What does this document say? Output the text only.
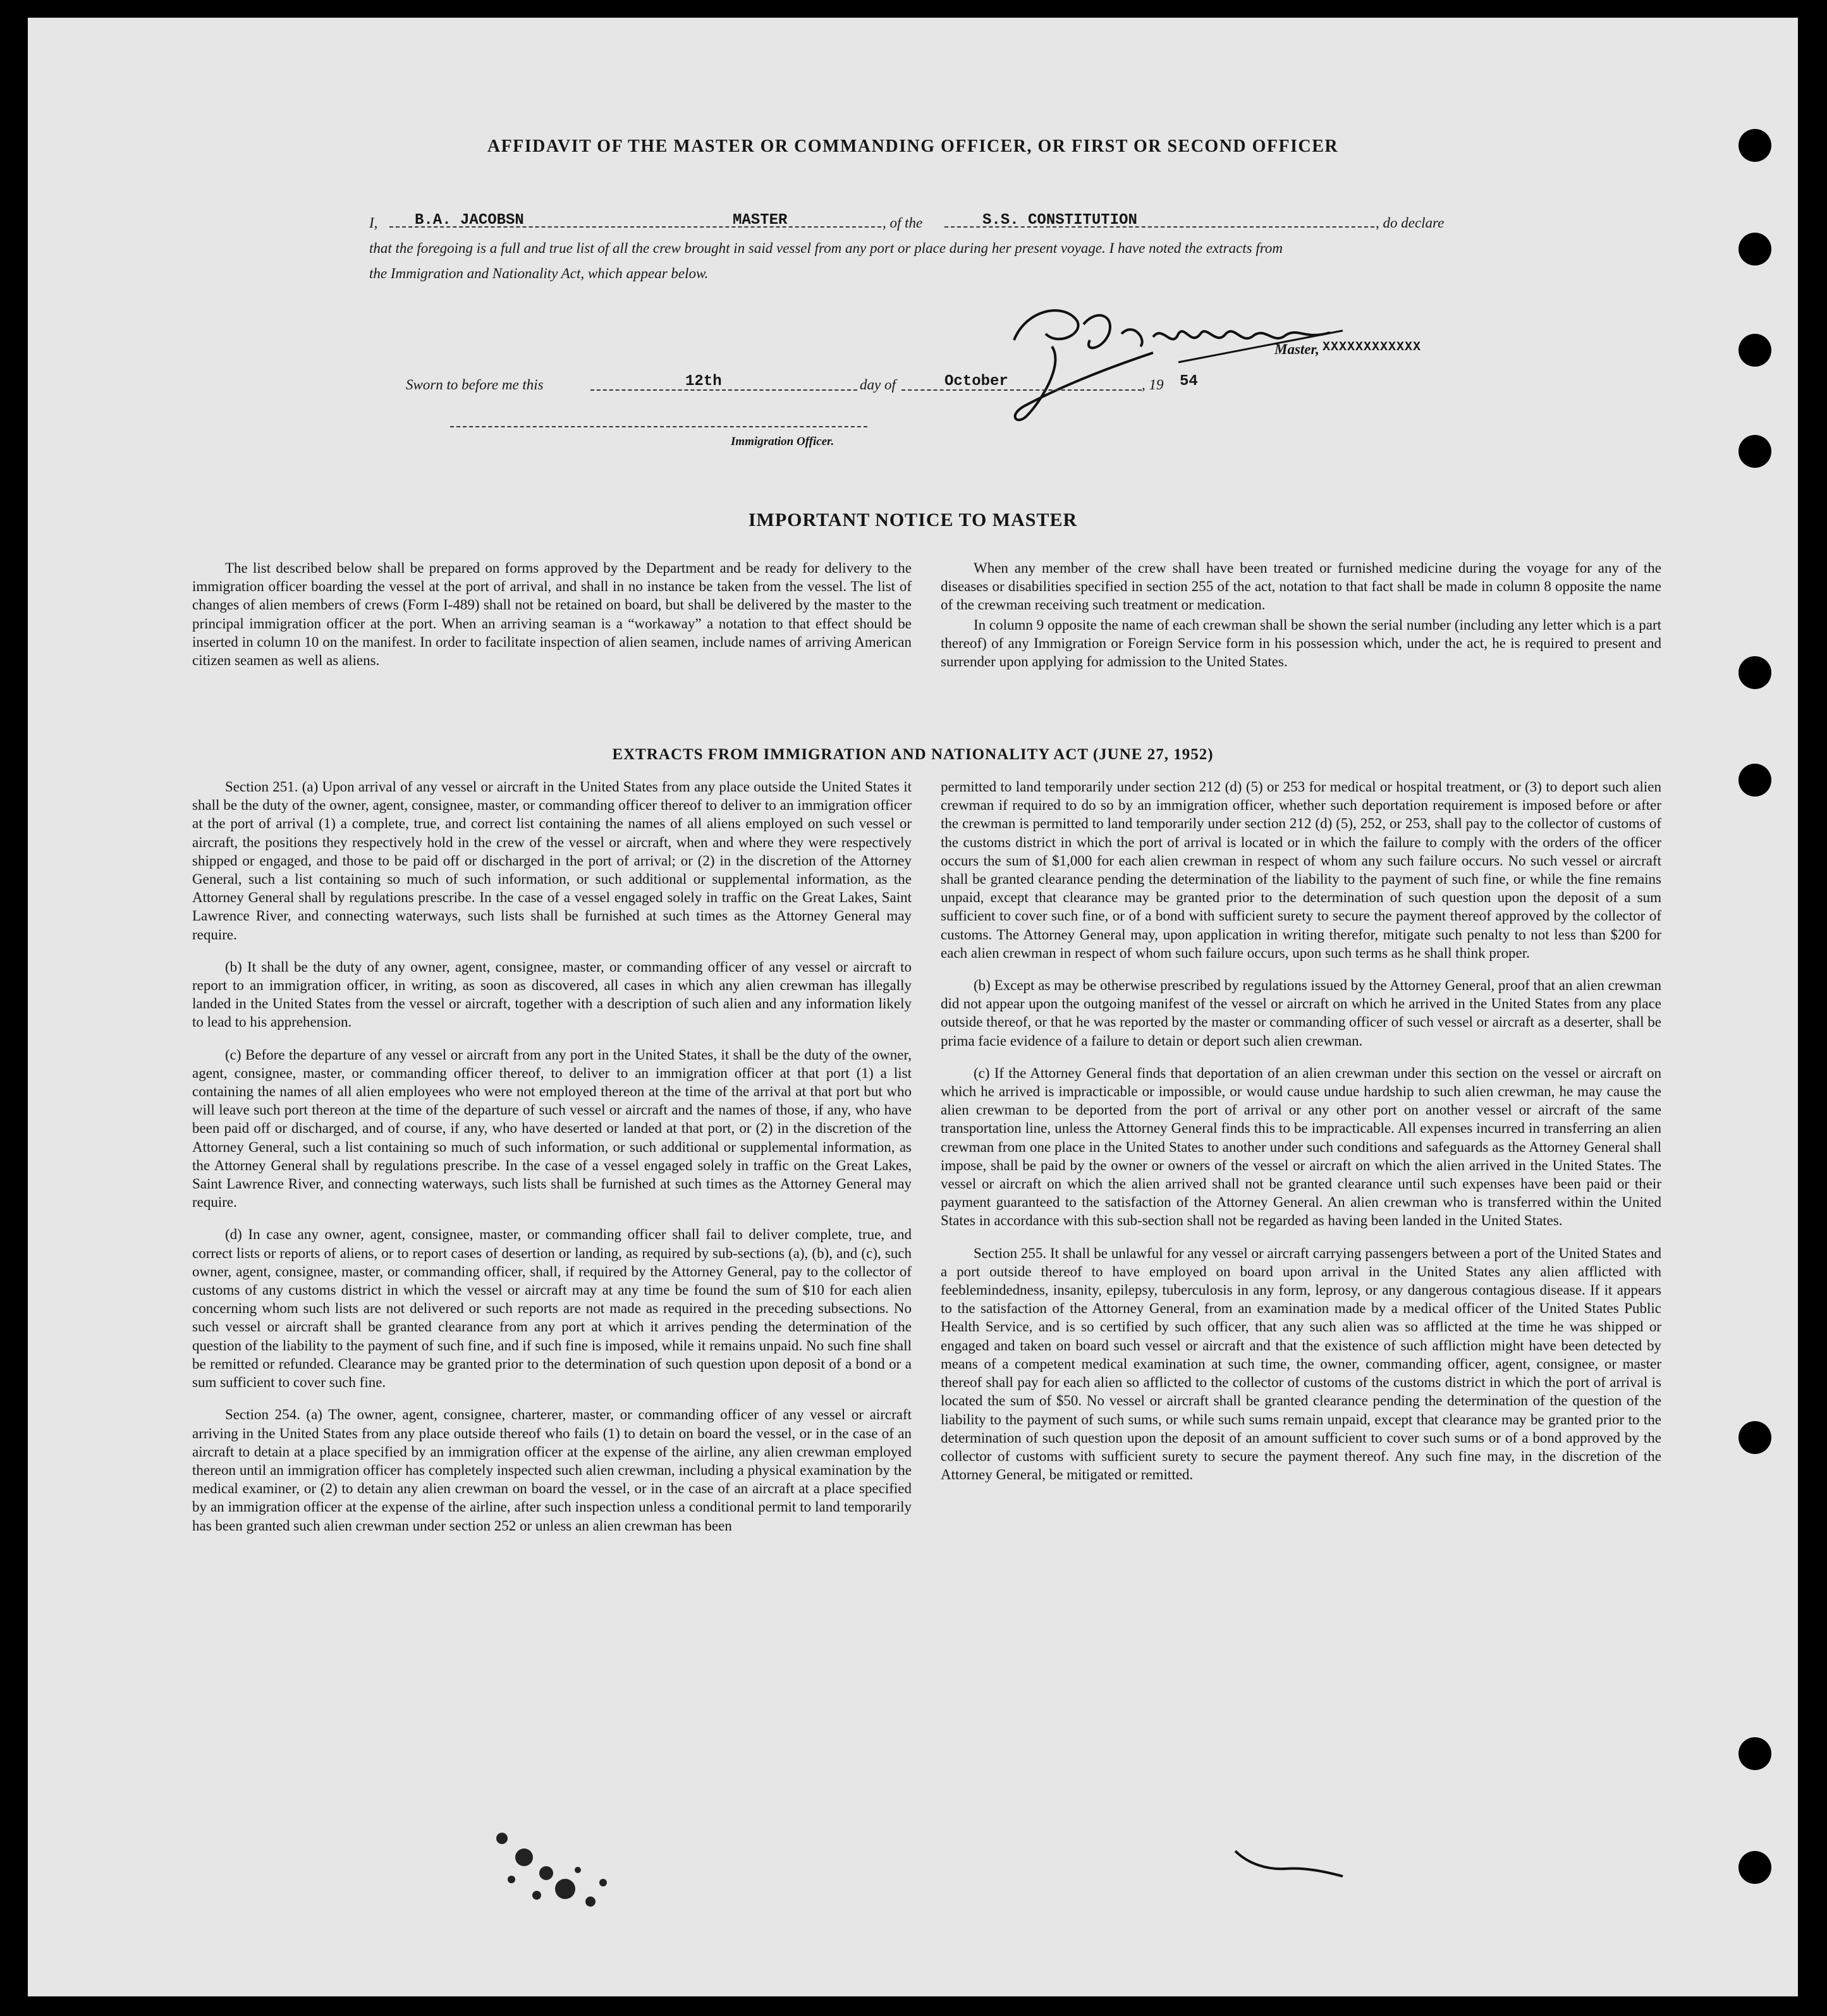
AFFIDAVIT OF THE MASTER OR COMMANDING OFFICER, OR FIRST OR SECOND OFFICER
I, B.A. JACOBSN	MASTER	, of the	S.S. CONSTITUTION	, do declare
that the foregoing is a full and true list of all the crew brought in said vessel from any port or place during her present voyage. I have noted the extracts from
the Immigration and Nationality Act, which appear below.
Master, XXXXXXXXXXXX
Sworn to before me this	12th	day of	October	, 19 54
Immigration Officer.
IMPORTANT NOTICE TO MASTER

The list described below shall be prepared on forms approved by the Department and be ready for delivery to the immigration officer boarding the vessel at the port of arrival, and shall in no instance be taken from the vessel. The list of changes of alien members of crews (Form I-489) shall not be retained on board, but shall be delivered by the master to the principal immigration officer at the port. When an arriving seaman is a “workaway” a notation to that effect should be inserted in column 10 on the manifest. In order to facilitate inspection of alien seamen, include names of arriving American citizen seamen as well as aliens.

When any member of the crew shall have been treated or furnished medicine during the voyage for any of the diseases or disabilities specified in section 255 of the act, notation to that fact shall be made in column 8 opposite the name of the crewman receiving such treatment or medication.

In column 9 opposite the name of each crewman shall be shown the serial number (including any letter which is a part thereof) of any Immigration or Foreign Service form in his possession which, under the act, he is required to present and surrender upon applying for admission to the United States.

EXTRACTS FROM IMMIGRATION AND NATIONALITY ACT (JUNE 27, 1952)

Section 251. (a) Upon arrival of any vessel or aircraft in the United States from any place outside the United States it shall be the duty of the owner, agent, consignee, master, or commanding officer thereof to deliver to an immigration officer at the port of arrival (1) a complete, true, and correct list containing the names of all aliens employed on such vessel or aircraft, the positions they respectively hold in the crew of the vessel or aircraft, when and where they were respectively shipped or engaged, and those to be paid off or discharged in the port of arrival; or (2) in the discretion of the Attorney General, such a list containing so much of such information, or such additional or supplemental information, as the Attorney General shall by regulations prescribe. In the case of a vessel engaged solely in traffic on the Great Lakes, Saint Lawrence River, and connecting waterways, such lists shall be furnished at such times as the Attorney General may require.

(b) It shall be the duty of any owner, agent, consignee, master, or commanding officer of any vessel or aircraft to report to an immigration officer, in writing, as soon as discovered, all cases in which any alien crewman has illegally landed in the United States from the vessel or aircraft, together with a description of such alien and any information likely to lead to his apprehension.

(c) Before the departure of any vessel or aircraft from any port in the United States, it shall be the duty of the owner, agent, consignee, master, or commanding officer thereof, to deliver to an immigration officer at that port (1) a list containing the names of all alien employees who were not employed thereon at the time of the arrival at that port but who will leave such port thereon at the time of the departure of such vessel or aircraft and the names of those, if any, who have been paid off or discharged, and of course, if any, who have deserted or landed at that port, or (2) in the discretion of the Attorney General, such a list containing so much of such information, or such additional or supplemental information, as the Attorney General shall by regulations prescribe. In the case of a vessel engaged solely in traffic on the Great Lakes, Saint Lawrence River, and connecting waterways, such lists shall be furnished at such times as the Attorney General may require.

(d) In case any owner, agent, consignee, master, or commanding officer shall fail to deliver complete, true, and correct lists or reports of aliens, or to report cases of desertion or landing, as required by sub-sections (a), (b), and (c), such owner, agent, consignee, master, or commanding officer, shall, if required by the Attorney General, pay to the collector of customs of any customs district in which the vessel or aircraft may at any time be found the sum of $10 for each alien concerning whom such lists are not delivered or such reports are not made as required in the preceding subsections. No such vessel or aircraft shall be granted clearance from any port at which it arrives pending the determination of the question of the liability to the payment of such fine, and if such fine is imposed, while it remains unpaid. No such fine shall be remitted or refunded. Clearance may be granted prior to the determination of such question upon deposit of a bond or a sum sufficient to cover such fine.

Section 254. (a) The owner, agent, consignee, charterer, master, or commanding officer of any vessel or aircraft arriving in the United States from any place outside thereof who fails (1) to detain on board the vessel, or in the case of an aircraft to detain at a place specified by an immigration officer at the expense of the airline, any alien crewman employed thereon until an immigration officer has completely inspected such alien crewman, including a physical examination by the medical examiner, or (2) to detain any alien crewman on board the vessel, or in the case of an aircraft at a place specified by an immigration officer at the expense of the airline, after such inspection unless a conditional permit to land temporarily has been granted such alien crewman under section 252 or unless an alien crewman has been

permitted to land temporarily under section 212 (d) (5) or 253 for medical or hospital treatment, or (3) to deport such alien crewman if required to do so by an immigration officer, whether such deportation requirement is imposed before or after the crewman is permitted to land temporarily under section 212 (d) (5), 252, or 253, shall pay to the collector of customs of the customs district in which the port of arrival is located or in which the failure to comply with the orders of the officer occurs the sum of $1,000 for each alien crewman in respect of whom any such failure occurs. No such vessel or aircraft shall be granted clearance pending the determination of the liability to the payment of such fine, or while the fine remains unpaid, except that clearance may be granted prior to the determination of such question upon the deposit of a sum sufficient to cover such fine, or of a bond with sufficient surety to secure the payment thereof approved by the collector of customs. The Attorney General may, upon application in writing therefor, mitigate such penalty to not less than $200 for each alien crewman in respect of whom such failure occurs, upon such terms as he shall think proper.

(b) Except as may be otherwise prescribed by regulations issued by the Attorney General, proof that an alien crewman did not appear upon the outgoing manifest of the vessel or aircraft on which he arrived in the United States from any place outside thereof, or that he was reported by the master or commanding officer of such vessel or aircraft as a deserter, shall be prima facie evidence of a failure to detain or deport such alien crewman.

(c) If the Attorney General finds that deportation of an alien crewman under this section on the vessel or aircraft on which he arrived is impracticable or impossible, or would cause undue hardship to such alien crewman, he may cause the alien crewman to be deported from the port of arrival or any other port on another vessel or aircraft of the same transportation line, unless the Attorney General finds this to be impracticable. All expenses incurred in transferring an alien crewman from one place in the United States to another under such conditions and safeguards as the Attorney General shall impose, shall be paid by the owner or owners of the vessel or aircraft on which the alien arrived in the United States. The vessel or aircraft on which the alien arrived shall not be granted clearance until such expenses have been paid or their payment guaranteed to the satisfaction of the Attorney General. An alien crewman who is transferred within the United States in accordance with this sub-section shall not be regarded as having been landed in the United States.

Section 255. It shall be unlawful for any vessel or aircraft carrying passengers between a port of the United States and a port outside thereof to have employed on board upon arrival in the United States any alien afflicted with feeblemindedness, insanity, epilepsy, tuberculosis in any form, leprosy, or any dangerous contagious disease. If it appears to the satisfaction of the Attorney General, from an examination made by a medical officer of the United States Public Health Service, and is so certified by such officer, that any such alien was so afflicted at the time he was shipped or engaged and taken on board such vessel or aircraft and that the existence of such affliction might have been detected by means of a competent medical examination at such time, the owner, commanding officer, agent, consignee, or master thereof shall pay for each alien so afflicted to the collector of customs of the customs district in which the port of arrival is located the sum of $50. No vessel or aircraft shall be granted clearance pending the determination of the question of the liability to the payment of such sums, or while such sums remain unpaid, except that clearance may be granted prior to the determination of such question upon the deposit of an amount sufficient to cover such sums or of a bond approved by the collector of customs with sufficient surety to secure the payment thereof. Any such fine may, in the discretion of the Attorney General, be mitigated or remitted.
